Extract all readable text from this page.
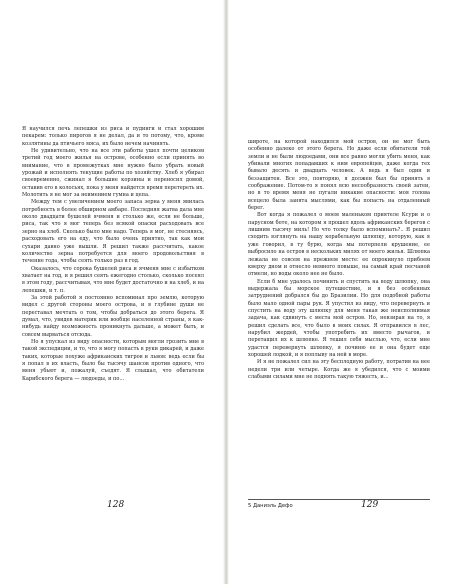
Я научился печь лепешки из риса и пудинги и стал хорошим пекарем: только пирогов я не делал, да и то потому, что, кроме козлятины да птичьего мяса, их было нечем начинять.

Не удивительно, что на все эти работы ушел почти целиком третий год моего жилья на острове, особенно если принять во внимание, что в промежутках мне нужно было убрать новый урожай и исполнять текущие работы по хозяйству. Хлеб я убирал своевременно, сжинал я большие корзины и переносил домой, оставив его в колосьях, пока у меня найдется время перетереть их. Молотить я не мог за неимением гумна и цепа.

Между тем с увеличением моего запаса зерна у меня явилась потребность в более обширном амбаре. Последняя жатва дала мне около двадцати бушелей ячменя и столько же, если не больше, риса, так что я мог теперь без всякой опаски расходовать все зерно на хлеб. Сколько было мне надо. Теперь я мог, не стесняясь, расходовать его на еду, что было очень приятно, так как мои сухари давно уже вышли. Я решил также рассчитать, какое количество зерна потребуется для моего продовольствия в течение года, чтобы сеять только раз в год.

Оказалось, что сорока бушелей риса и ячменя мне с избытком хватает на год, и я решил сеять ежегодно столько, сколько посеял в этом году, рассчитывая, что мне будет достаточно и на хлеб, и на лепешки, и т. п.

За этой работой я постоянно вспоминал про землю, которую видел с другой стороны моего острова, и в глубине души не переставал мечтать о том, чтобы добраться до этого берега. Я думал, что, увидев материк или вообще населенной страны, я как-нибудь найду возможность проникнуть дальше, а может быть, и совсем вырваться отсюда.

Но я упускал из виду опасности, которым могли грозить мне в такой экспедиции, и то, что я могу попасть в руки дикарей, и даже таких, которые похуже африканских тигров и львов: ведь если бы я попал в их власть, было бы тысячу шансов против одного, что меня убьют и, пожалуй, съедят. Я слышал, что обитатели Карибского берега — людоеды, и по...

128

широте, на которой находился мой остров, он не мог быть особенно далеко от этого берега. Но даже если обитатели той земли и не были людоедами, они все равно могли убить меня, как убивали многих попадавших к ним европейцев, даже когда тех бывало десять и двадцать человек. А ведь я был один и беззащитен. Все это, повторяю, я должен был бы принять в соображение. Потом-то я понял всю несообразность своей затеи, но в то время меня не пугали никакие опасности: моя голова всецело была занята мыслями, как бы попасть на отдаленный берег.

Вот когда я пожалел о моем маленьком приятеле Ксури и о парусном боте, на котором я прошел вдоль африканских берегов с лишним тысячу миль! Но что толку было вспоминать?.. Я решил сходить взглянуть на нашу корабельную шлюпку, которую, как я уже говорил, в ту бурю, когда мы потерпели крушение, ее выбросило на остров в нескольких милях от моего жилья. Шлюпка лежала не совсем на прежнем месте: ее опрокинуло прибоем кверху дном и отнесло немного повыше, на самый край песчаной отмели, но воды около нее не было.

Если б мне удалось починить и спустить на воду шлюпку, она выдержала бы морское путешествие, и я без особенных затруднений добрался бы до Бразилии. Но для подобной работы было мало одной пары рук. Я упустил из виду, что перевернуть и спустить на воду эту шлюпку для меня такая же неисполнимая задача, как сдвинуть с места мой остров. Но, невзирая на то, я решил сделать все, что было в моих силах. Я отправился в лес, нарубил жердей, чтобы употребить их вместо рычагов, и перетащил их к шлюпке. Я тешил себя мыслью, что, если мне удастся перевернуть шлюпку, я починю ее и она будет еще хорошей лодкой, и я поплыву на ней в море.

И я не пожалел сил на эту бесплодную работу, потратив на нее недели три или четыре. Когда же я убедился, что с моими слабыми силами мне не поднять такую тяжесть, и...

5 Даниэль Дефо	129
